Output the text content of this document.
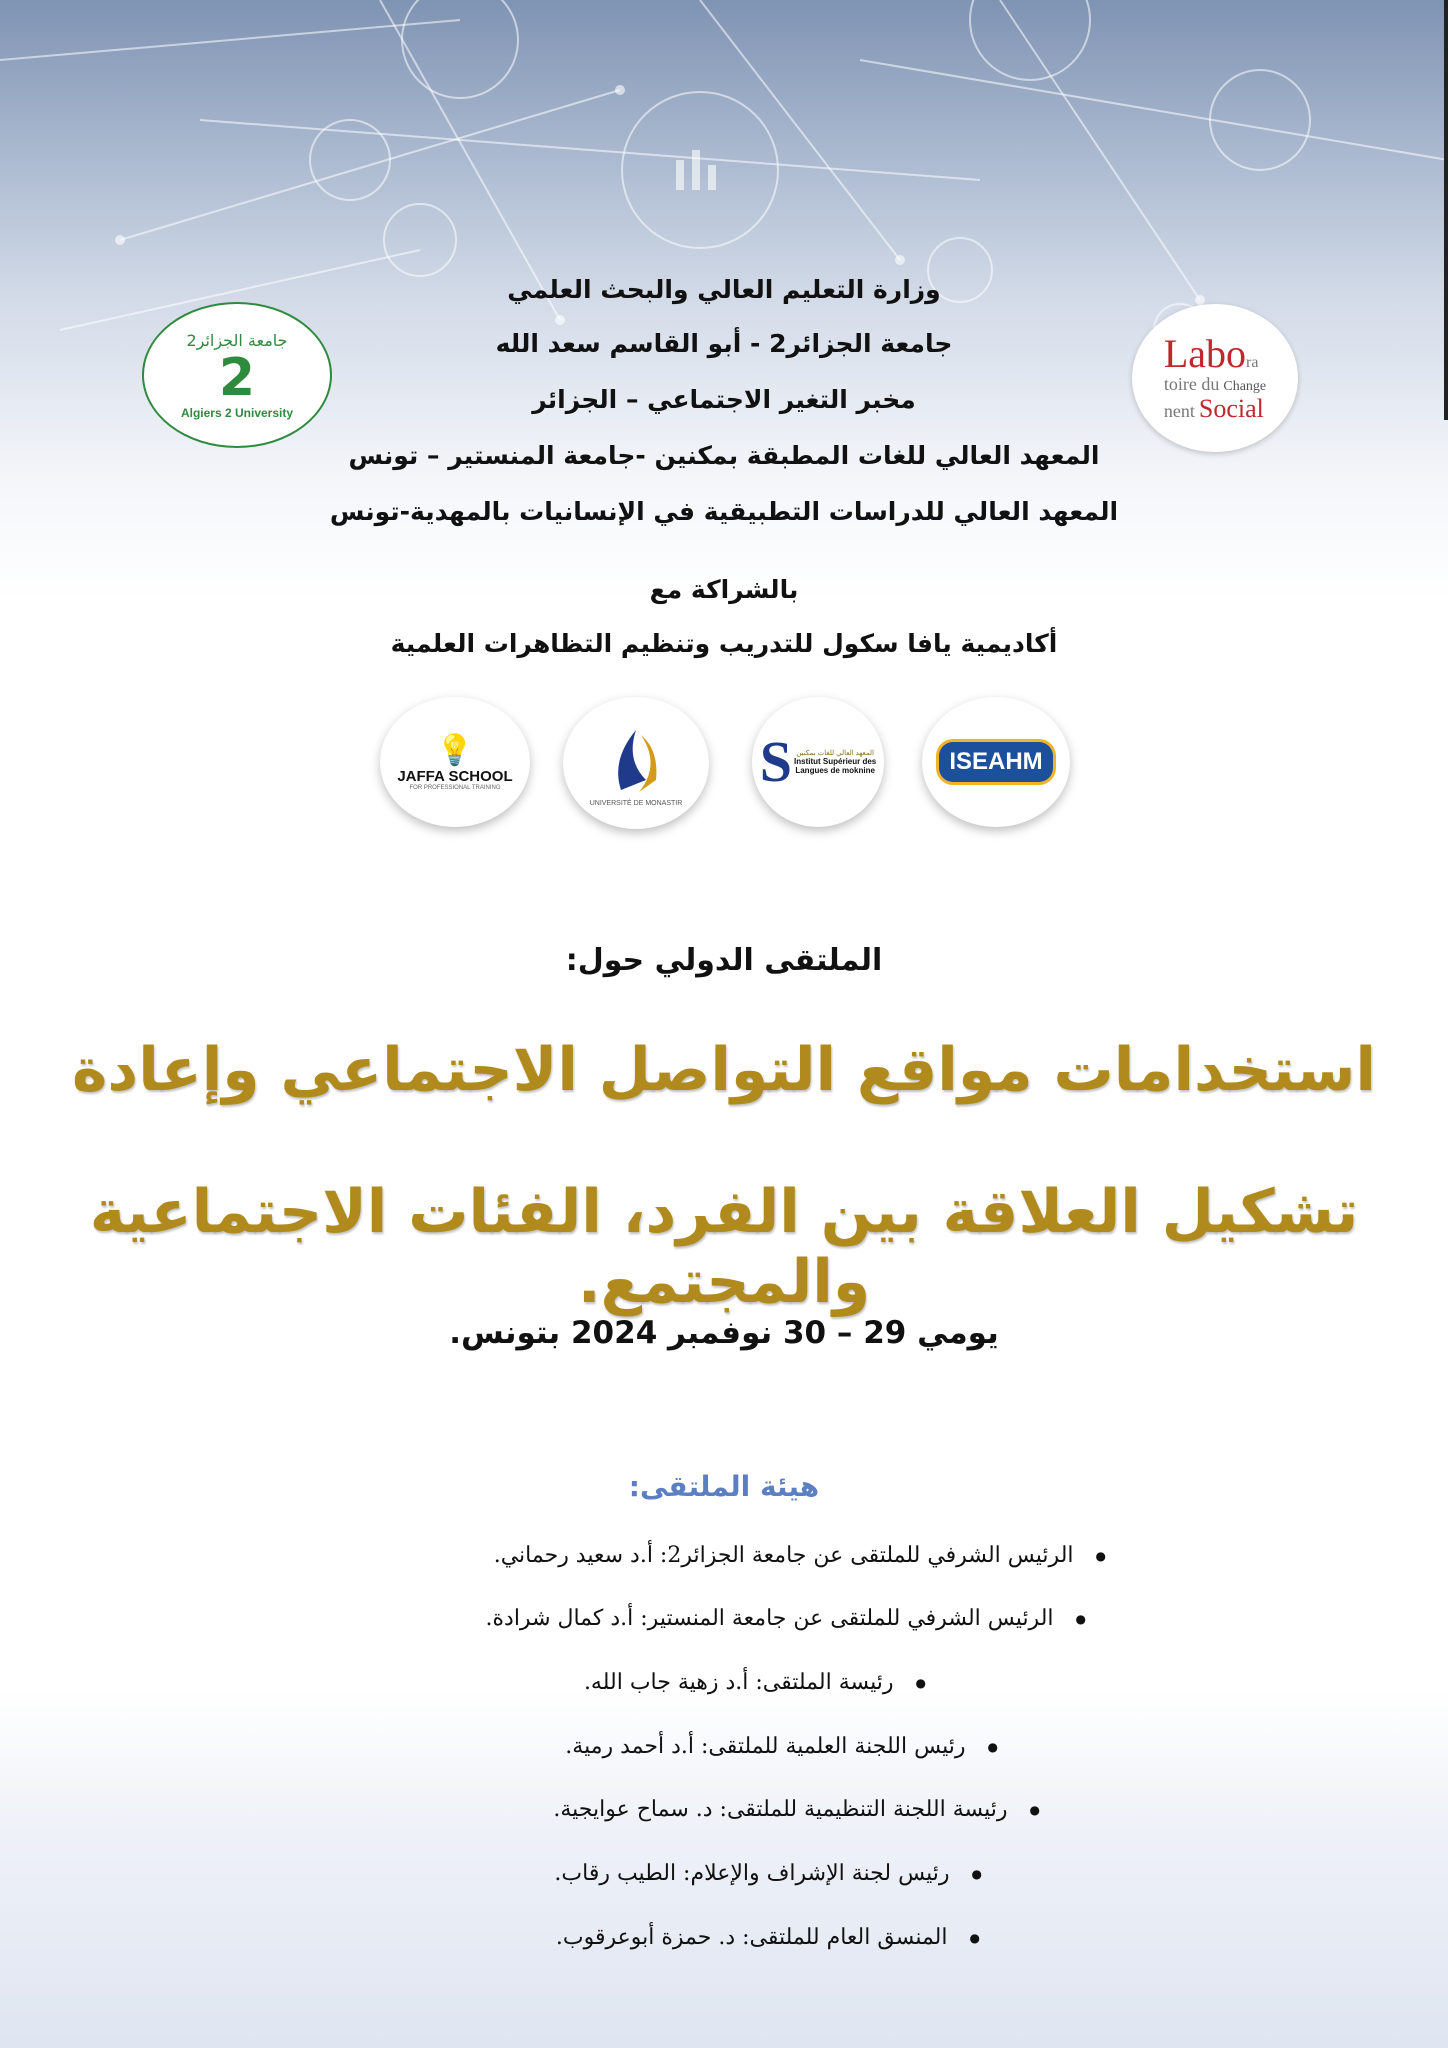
جامعة الجزائر2
2
Algiers 2 University
Labora
toire du Change
nent Social
وزارة التعليم العالي والبحث العلمي
جامعة الجزائر2 - أبو القاسم سعد الله
مخبر التغير الاجتماعي – الجزائر
المعهد العالي للغات المطبقة بمكنين -جامعة المنستير – تونس
المعهد العالي للدراسات التطبيقية في الإنسانيات بالمهدية-تونس
بالشراكة مع
أكاديمية يافا سكول للتدريب وتنظيم التظاهرات العلمية
💡
JAFFA SCHOOL
FOR PROFESSIONAL TRAINING
UNIVERSITÉ DE MONASTIR
S المعهد العالي للغات بمكنين
Institut Supérieur des
Langues de moknine	ISEAHM
الملتقى الدولي حول:
استخدامات مواقع التواصل الاجتماعي وإعادة
تشكيل العلاقة بين الفرد، الفئات الاجتماعية والمجتمع.
يومي 29 – 30 نوفمبر 2024 بتونس.
هيئة الملتقى:
●الرئيس الشرفي للملتقى عن جامعة الجزائر2: أ.د سعيد رحماني.
●الرئيس الشرفي للملتقى عن جامعة المنستير: أ.د كمال شرادة.
●رئيسة الملتقى: أ.د زهية جاب الله.
●رئيس اللجنة العلمية للملتقى: أ.د أحمد رمية.
●رئيسة اللجنة التنظيمية للملتقى: د. سماح عوايجية.
●رئيس لجنة الإشراف والإعلام: الطيب رقاب.
●المنسق العام للملتقى: د. حمزة أبوعرقوب.
